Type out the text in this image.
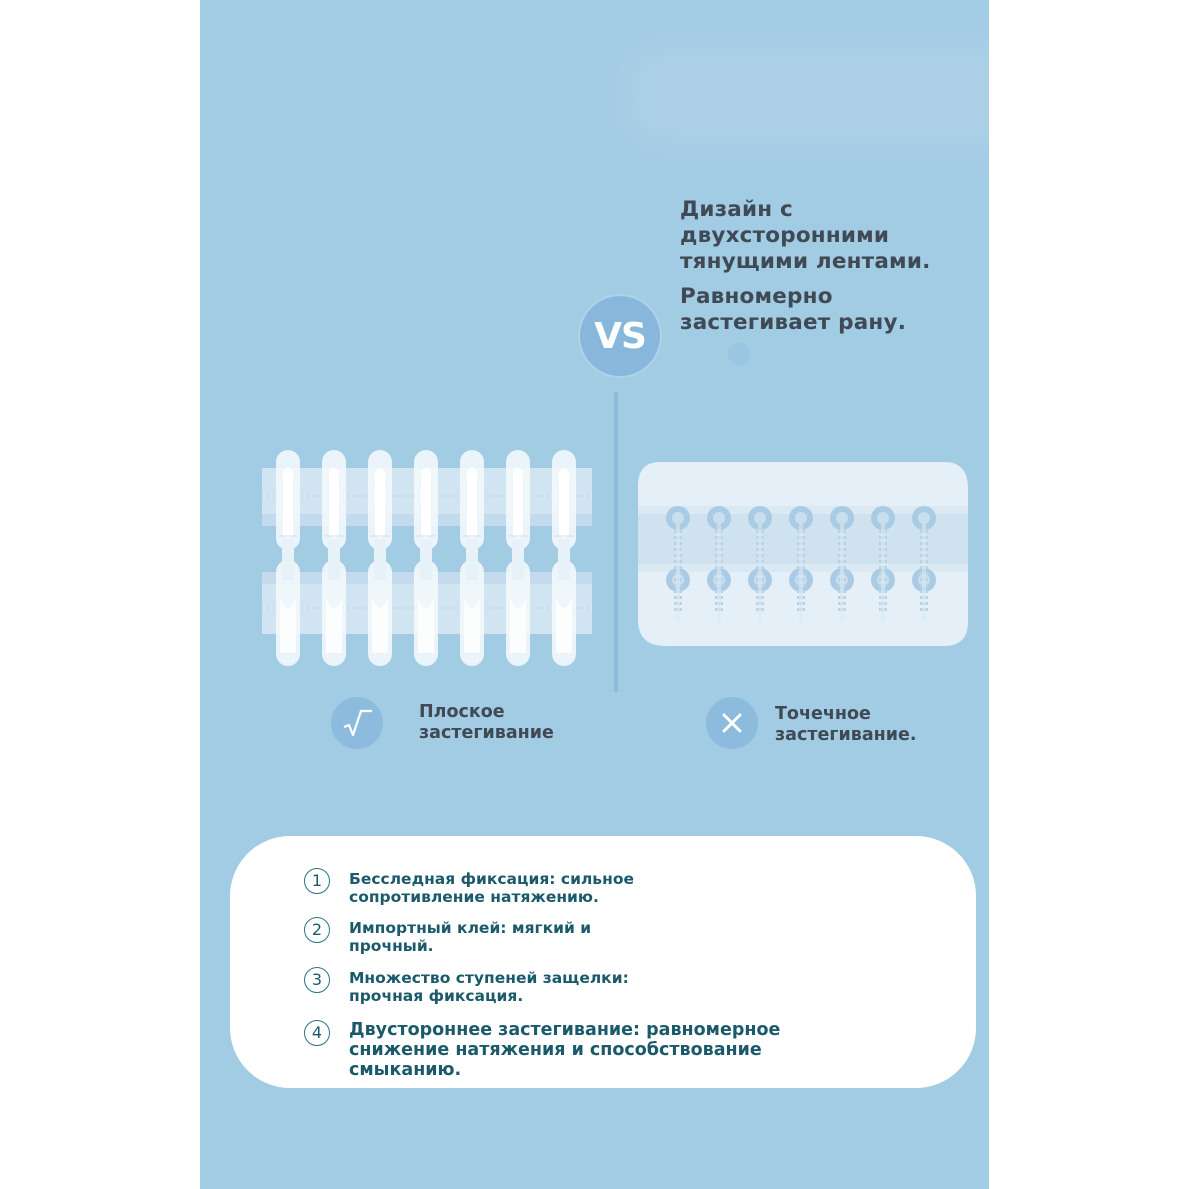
Дизайн с
двухсторонними
тянущими лентами.
Равномерно
застегивает рану.
VS
Плоское
застегивание
Точечное
застегивание.
1	Бесследная фиксация: сильное
сопротивление натяжению.
2	Импортный клей: мягкий и
прочный.
3	Множество ступеней защелки:
прочная фиксация.
4	Двустороннее застегивание: равномерное
снижение натяжения и способствование
смыканию.
